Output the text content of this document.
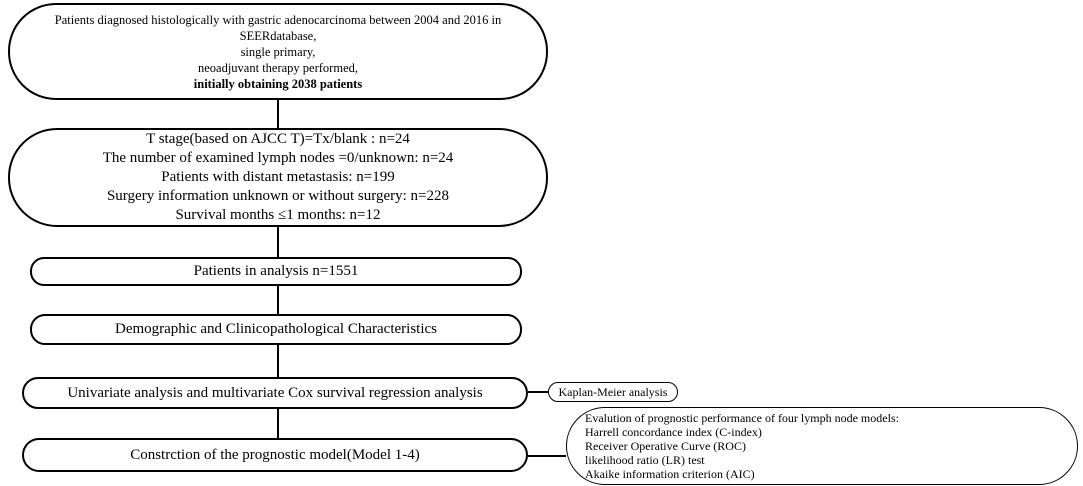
Patients diagnosed histologically with gastric adenocarcinoma between 2004 and 2016 in
SEERdatabase,
single primary,
neoadjuvant therapy performed,
initially obtaining 2038 patients
T stage(based on AJCC T)=Tx/blank : n=24
The number of examined lymph nodes =0/unknown: n=24
Patients with distant metastasis: n=199
Surgery information unknown or without surgery: n=228
Survival months ≤1 months: n=12
Patients in analysis n=1551
Demographic and Clinicopathological Characteristics
Univariate analysis and multivariate Cox survival regression analysis
Constrction of the prognostic model(Model 1-4)
Kaplan-Meier analysis
Evalution of prognostic performance of four lymph node models:
Harrell concordance index (C-index)
Receiver Operative Curve (ROC)
likelihood ratio (LR) test
Akaike information criterion (AIC)
